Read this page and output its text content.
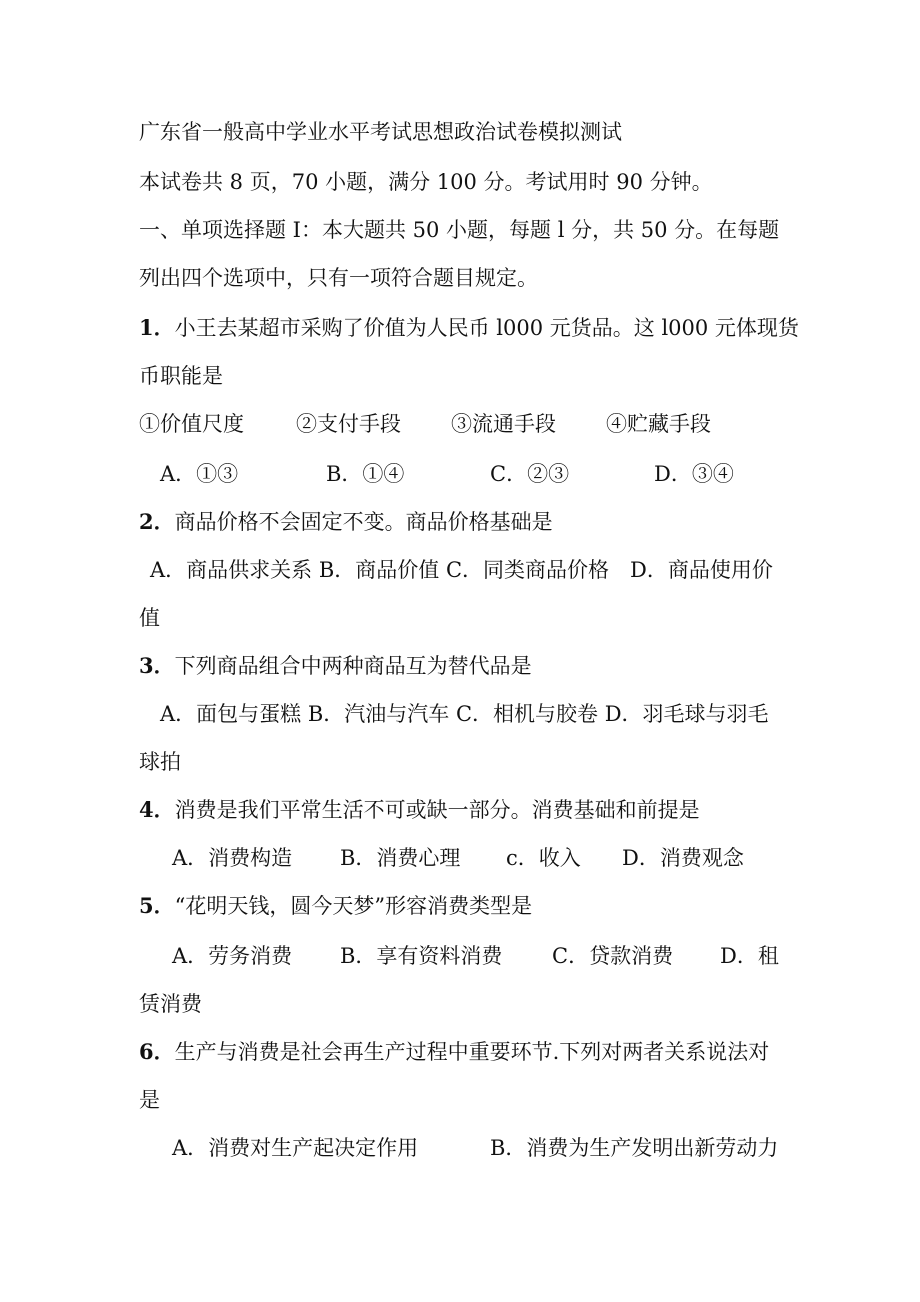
广东省一般高中学业水平考试思想政治试卷模拟测试

本试卷共 8 页，70 小题，满分 100 分。考试用时 90 分钟。

一、单项选择题 I：本大题共 50 小题，每题 l 分，共 50 分。在每题

列出四个选项中，只有一项符合题目规定。

1．小王去某超市采购了价值为人民币 l000 元货品。这 l000 元体现货

币职能是

①价值尺度 ②支付手段 ③流通手段 ④贮藏手段

A．①③	B．①④	C．②③	D．③④

2．商品价格不会固定不变。商品价格基础是

A．商品供求关系 B．商品价值 C．同类商品价格　D．商品使用价

值

3．下列商品组合中两种商品互为替代品是

A．面包与蛋糕 B．汽油与汽车 C．相机与胶卷 D．羽毛球与羽毛

球拍

4．消费是我们平常生活不可或缺一部分。消费基础和前提是

A．消费构造 B．消费心理 c．收入 D．消费观念

5．“花明天钱，圆今天梦”形容消费类型是

A．劳务消费 B．享有资料消费 C．贷款消费 D．租

赁消费

6．生产与消费是社会再生产过程中重要环节.下列对两者关系说法对

是

A．消费对生产起决定作用	B．消费为生产发明出新劳动力
